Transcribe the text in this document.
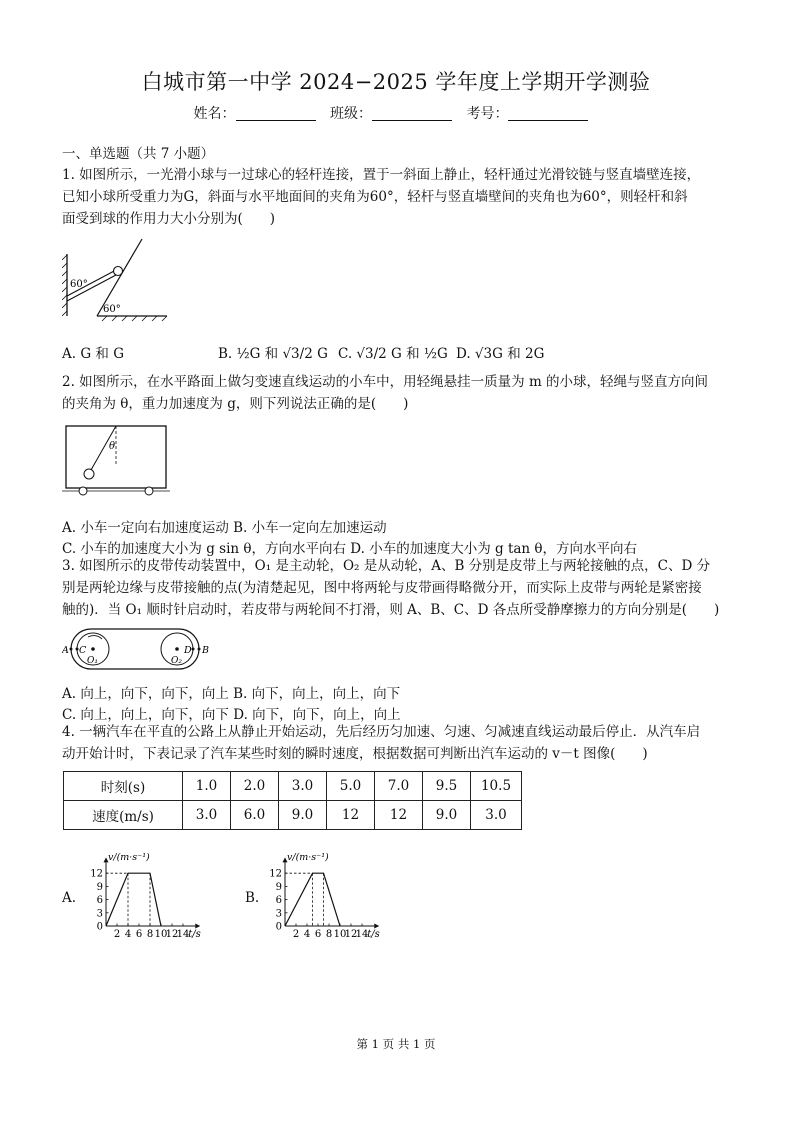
白城市第一中学 2024−2025 学年度上学期开学测验
姓名：	班级：	考号：
一、单选题（共 7 小题）
1. 如图所示，一光滑小球与一过球心的轻杆连接，置于一斜面上静止，轻杆通过光滑铰链与竖直墙壁连接，
已知小球所受重力为G，斜面与水平地面间的夹角为60°，轻杆与竖直墙壁间的夹角也为60°，则轻杆和斜
面受到球的作用力大小分别为(　　)
60°
60°
A. G 和 G	B. ½G 和 √3/2 G C. √3/2 G 和 ½G D. √3G 和 2G
2. 如图所示，在水平路面上做匀变速直线运动的小车中，用轻绳悬挂一质量为 m 的小球，轻绳与竖直方向间
的夹角为 θ，重力加速度为 g，则下列说法正确的是(　　)
θ
A. 小车一定向右加速度运动 B. 小车一定向左加速运动
C. 小车的加速度大小为 g sin θ，方向水平向右 D. 小车的加速度大小为 g tan θ，方向水平向右
3. 如图所示的皮带传动装置中，O₁ 是主动轮，O₂ 是从动轮，A、B 分别是皮带上与两轮接触的点，C、D 分
别是两轮边缘与皮带接触的点(为清楚起见，图中将两轮与皮带画得略微分开，而实际上皮带与两轮是紧密接
触的)．当 O₁ 顺时针启动时，若皮带与两轮间不打滑，则 A、B、C、D 各点所受静摩擦力的方向分别是(　　)
A C
O₁	O₂
D B
A. 向上，向下，向下，向上 B. 向下，向上，向上，向下
C. 向上，向上，向下，向下 D. 向下，向下，向上，向上
4. 一辆汽车在平直的公路上从静止开始运动，先后经历匀加速、匀速、匀减速直线运动最后停止．从汽车启
动开始计时，下表记录了汽车某些时刻的瞬时速度，根据数据可判断出汽车运动的 v－t 图像(　　)
时刻(s)	1.0	2.0	3.0	5.0	7.0	9.5	10.5
速度(m/s)	3.0	6.0	9.0	12	12	9.0	3.0
A.
0
3
6
9
12
2 4 6 8 10
12
14
v/(m·s⁻¹)
t/s
B.
0
3
6
9
12
2 4 6 8 10
12
14
v/(m·s⁻¹)
t/s
第 1 页 共 1 页
